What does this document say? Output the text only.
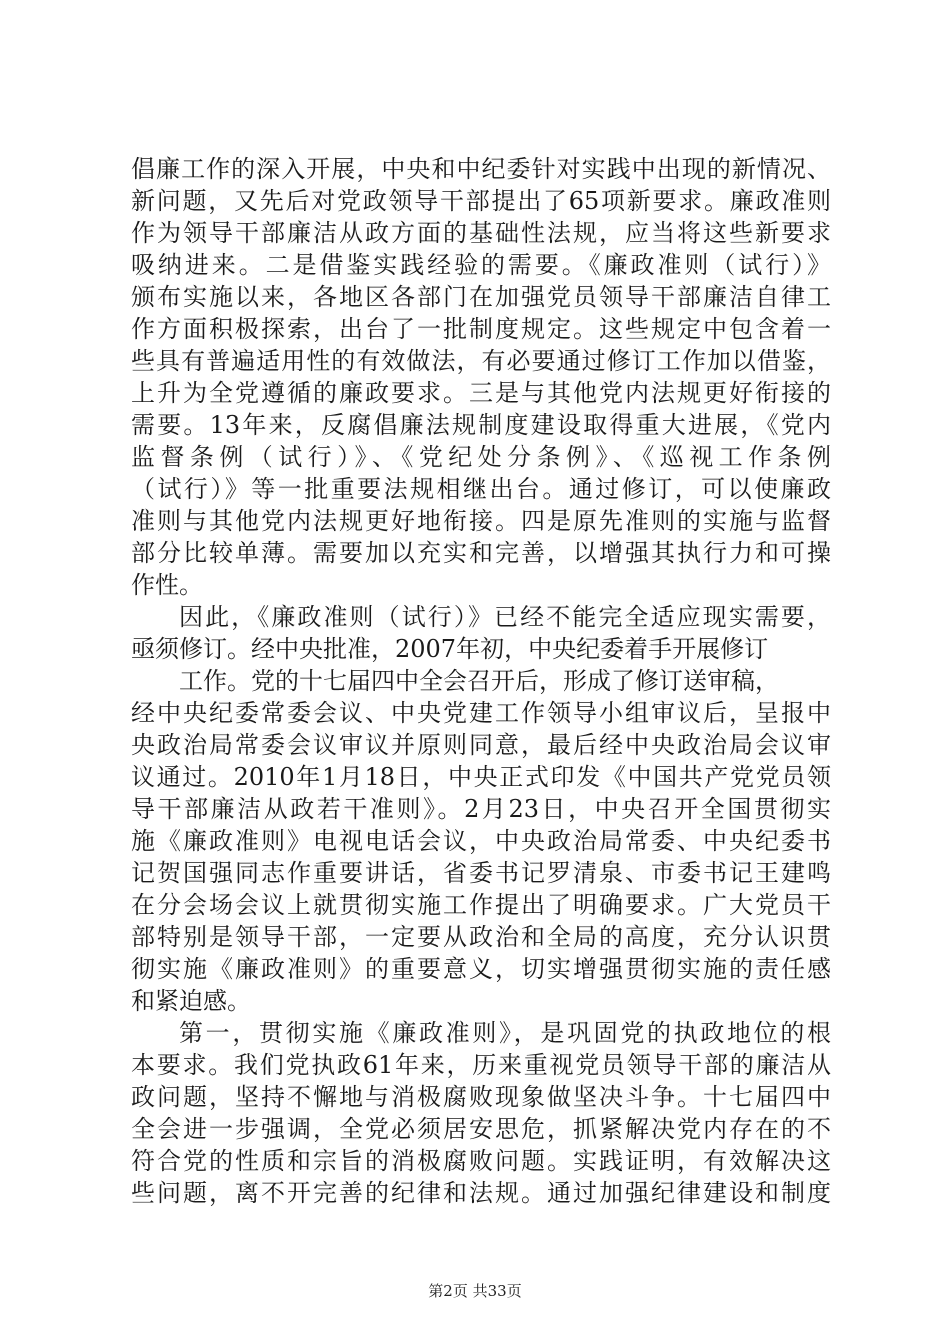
倡廉工作的深入开展，中央和中纪委针对实践中出现的新情况、
新问题，又先后对党政领导干部提出了65项新要求。廉政准则
作为领导干部廉洁从政方面的基础性法规，应当将这些新要求
吸纳进来。二是借鉴实践经验的需要。《廉政准则（试行）》
颁布实施以来，各地区各部门在加强党员领导干部廉洁自律工
作方面积极探索，出台了一批制度规定。这些规定中包含着一
些具有普遍适用性的有效做法，有必要通过修订工作加以借鉴，
上升为全党遵循的廉政要求。三是与其他党内法规更好衔接的
需要。13年来，反腐倡廉法规制度建设取得重大进展，《党内
监督条例（试行）》、《党纪处分条例》、《巡视工作条例
（试行）》等一批重要法规相继出台。通过修订，可以使廉政
准则与其他党内法规更好地衔接。四是原先准则的实施与监督
部分比较单薄。需要加以充实和完善，以增强其执行力和可操
作性。
因此，《廉政准则（试行）》已经不能完全适应现实需要，
亟须修订。经中央批准，2007年初，中央纪委着手开展修订
工作。党的十七届四中全会召开后，形成了修订送审稿，
经中央纪委常委会议、中央党建工作领导小组审议后，呈报中
央政治局常委会议审议并原则同意，最后经中央政治局会议审
议通过。2010年1月18日，中央正式印发《中国共产党党员领
导干部廉洁从政若干准则》。2月23日，中央召开全国贯彻实
施《廉政准则》电视电话会议，中央政治局常委、中央纪委书
记贺国强同志作重要讲话，省委书记罗清泉、市委书记王建鸣
在分会场会议上就贯彻实施工作提出了明确要求。广大党员干
部特别是领导干部，一定要从政治和全局的高度，充分认识贯
彻实施《廉政准则》的重要意义，切实增强贯彻实施的责任感
和紧迫感。
第一，贯彻实施《廉政准则》，是巩固党的执政地位的根
本要求。我们党执政61年来，历来重视党员领导干部的廉洁从
政问题，坚持不懈地与消极腐败现象做坚决斗争。十七届四中
全会进一步强调，全党必须居安思危，抓紧解决党内存在的不
符合党的性质和宗旨的消极腐败问题。实践证明，有效解决这
些问题，离不开完善的纪律和法规。通过加强纪律建设和制度
第2页 共33页
